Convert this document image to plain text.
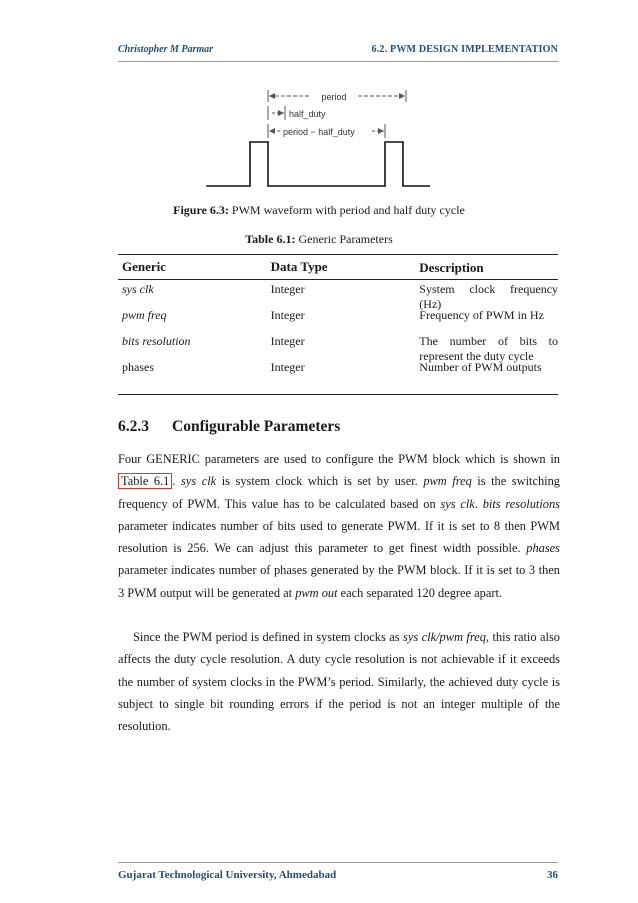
Christopher M Parmar	6.2. PWM DESIGN IMPLEMENTATION
period
half_duty
period − half_duty
Figure 6.3: PWM waveform with period and half duty cycle
Table 6.1: Generic Parameters
Generic	Data Type	Description
sys clk	Integer	System clock frequency (Hz)
pwm freq	Integer	Frequency of PWM in Hz
bits resolution	Integer	The number of bits to represent the duty cycle
phases	Integer	Number of PWM outputs
6.2.3 Configurable Parameters
Four GENERIC parameters are used to configure the PWM block which is shown in Table 6.1 . sys clk is system clock which is set by user. pwm freq is the switching frequency of PWM. This value has to be calculated based on sys clk. bits resolutions parameter indicates number of bits used to generate PWM. If it is set to 8 then PWM resolution is 256. We can adjust this parameter to get finest width possible. phases parameter indicates number of phases generated by the PWM block. If it is set to 3 then 3 PWM output will be generated at pwm out each separated 120 degree apart.
Since the PWM period is defined in system clocks as sys clk/pwm freq, this ratio also affects the duty cycle resolution. A duty cycle resolution is not achievable if it exceeds the number of system clocks in the PWM’s period. Similarly, the achieved duty cycle is subject to single bit rounding errors if the period is not an integer multiple of the resolution.
Gujarat Technological University, Ahmedabad	36
